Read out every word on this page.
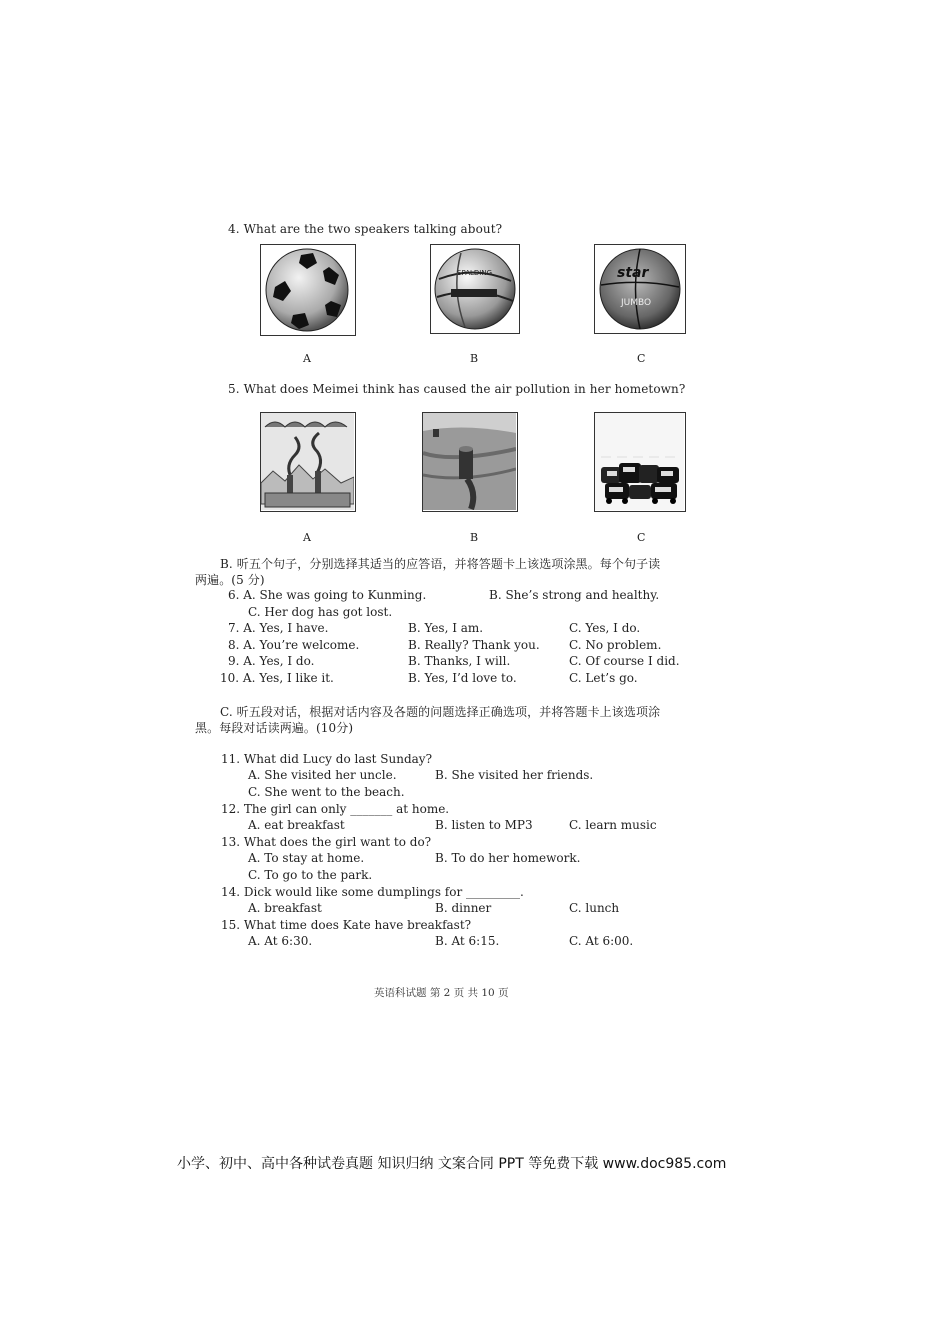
4. What are the two speakers talking about?
SPALDING	star
JUMBO
A	B	C
5. What does Meimei think has caused the air pollution in her hometown?
A	B	C
B. 听五个句子，分别选择其适当的应答语，并将答题卡上该选项涂黑。每个句子读
两遍。(5 分)
6. A. She was going to Kunming.	B. She’s strong and healthy.
C. Her dog has got lost.
7. A. Yes, I have.	B. Yes, I am.	C. Yes, I do.
8. A. You’re welcome.	B. Really? Thank you. C. No problem.
9. A. Yes, I do.	B. Thanks, I will.	C. Of course I did.
10. A. Yes, I like it.	B. Yes, I’d love to.	C. Let’s go.
C. 听五段对话，根据对话内容及各题的问题选择正确选项，并将答题卡上该选项涂
黑。每段对话读两遍。(10分)
11. What did Lucy do last Sunday?
A. She visited her uncle.	B. She visited her friends.
C. She went to the beach.
12. The girl can only _______ at home.
A. eat breakfast	B. listen to MP3	C. learn music
13. What does the girl want to do?
A. To stay at home.	B. To do her homework.
C. To go to the park.
14. Dick would like some dumplings for _________.
A. breakfast	B. dinner	C. lunch
15. What time does Kate have breakfast?
A. At 6:30.	B. At 6:15.	C. At 6:00.
英语科试题 第 2 页 共 10 页
小学、初中、高中各种试卷真题 知识归纳 文案合同 PPT 等免费下载 www.doc985.com
